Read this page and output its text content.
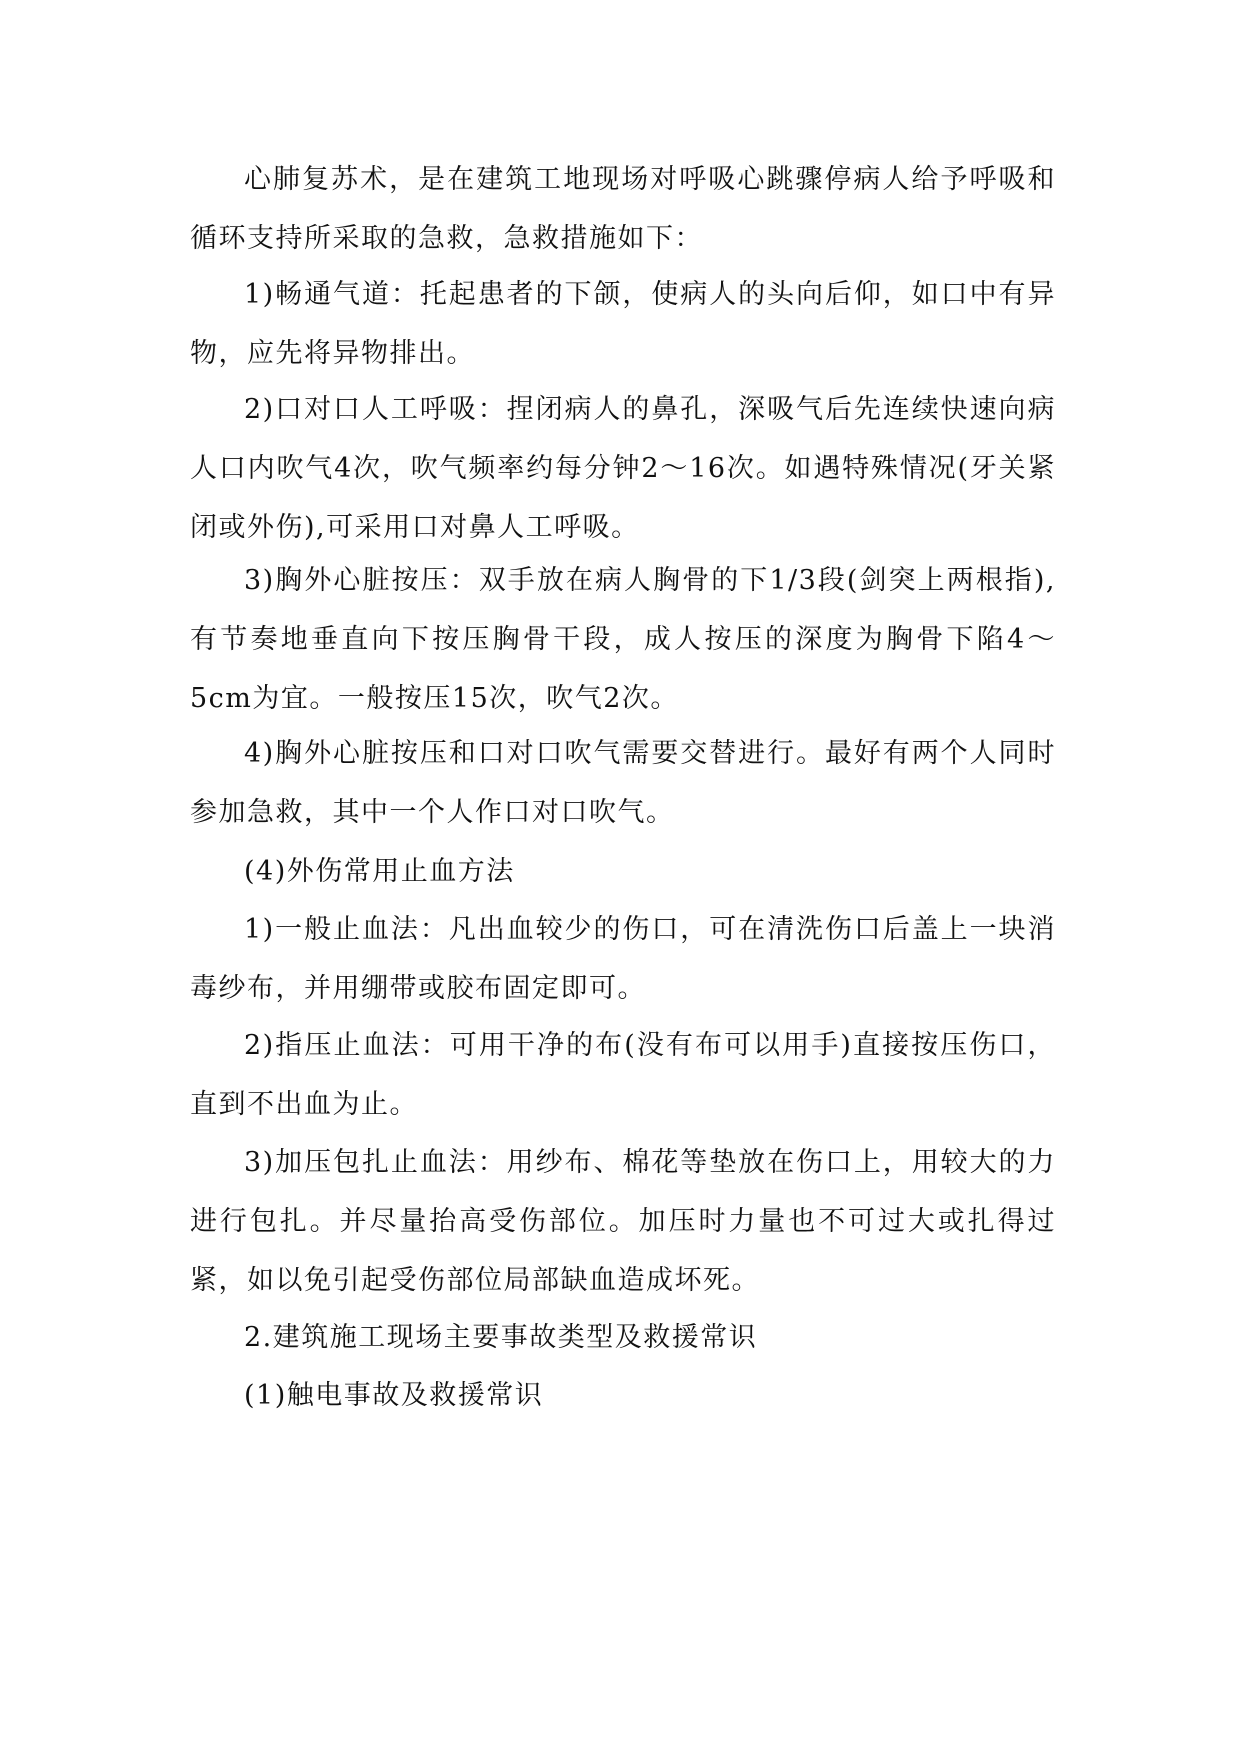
心肺复苏术，是在建筑工地现场对呼吸心跳骤停病人给予呼吸和循环支持所采取的急救，急救措施如下：

1)畅通气道：托起患者的下颌，使病人的头向后仰，如口中有异物，应先将异物排出。

2)口对口人工呼吸：捏闭病人的鼻孔，深吸气后先连续快速向病人口内吹气4次，吹气频率约每分钟2～16次。如遇特殊情况(牙关紧闭或外伤),可采用口对鼻人工呼吸。

3)胸外心脏按压：双手放在病人胸骨的下1/3段(剑突上两根指),有节奏地垂直向下按压胸骨干段，成人按压的深度为胸骨下陷4～5cm为宜。一般按压15次，吹气2次。

4)胸外心脏按压和口对口吹气需要交替进行。最好有两个人同时参加急救，其中一个人作口对口吹气。

(4)外伤常用止血方法

1)一般止血法：凡出血较少的伤口，可在清洗伤口后盖上一块消毒纱布，并用绷带或胶布固定即可。

2)指压止血法：可用干净的布(没有布可以用手)直接按压伤口，直到不出血为止。

3)加压包扎止血法：用纱布、棉花等垫放在伤口上，用较大的力进行包扎。并尽量抬高受伤部位。加压时力量也不可过大或扎得过紧，如以免引起受伤部位局部缺血造成坏死。

2.建筑施工现场主要事故类型及救援常识

(1)触电事故及救援常识
